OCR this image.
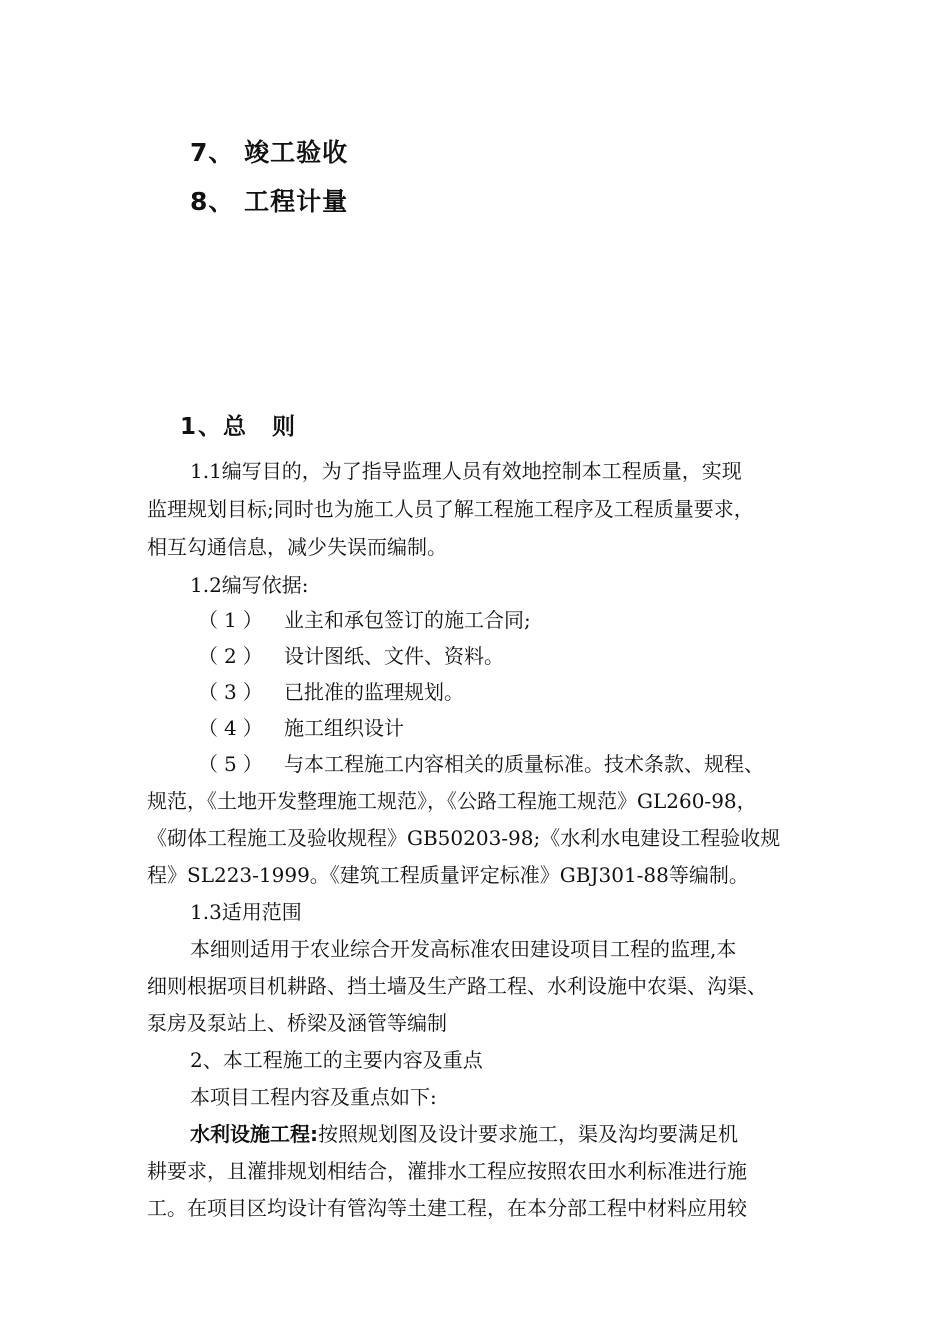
7、 竣工验收
8、 工程计量
1、总 则
1.1编写目的，为了指导监理人员有效地控制本工程质量，实现
监理规划目标;同时也为施工人员了解工程施工程序及工程质量要求，
相互勾通信息，减少失误而编制。
1.2编写依据:
（1） 业主和承包签订的施工合同;
（2） 设计图纸、文件、资料。
（3） 已批准的监理规划。
（4） 施工组织设计
（5） 与本工程施工内容相关的质量标准。技术条款、规程、
规范，《土地开发整理施工规范》，《公路工程施工规范》GL260-98，
《砌体工程施工及验收规程》GB50203-98;《水利水电建设工程验收规
程》SL223-1999。《建筑工程质量评定标准》GBJ301-88等编制。
1.3适用范围
本细则适用于农业综合开发高标准农田建设项目工程的监理,本
细则根据项目机耕路、挡土墙及生产路工程、水利设施中农渠、沟渠、
泵房及泵站上、桥梁及涵管等编制
2、本工程施工的主要内容及重点
本项目工程内容及重点如下:
水利设施工程:按照规划图及设计要求施工，渠及沟均要满足机
耕要求，且灌排规划相结合，灌排水工程应按照农田水利标准进行施
工。在项目区均设计有管沟等土建工程，在本分部工程中材料应用较
